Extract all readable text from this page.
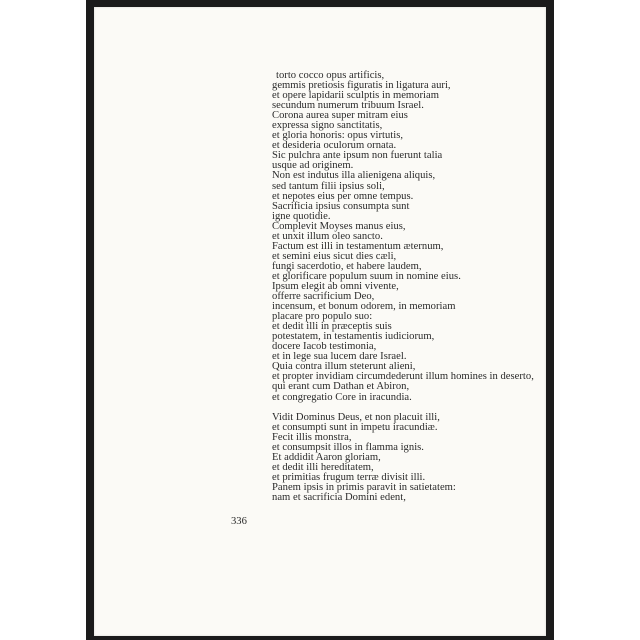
torto cocco opus artificis,
gemmis pretiosis figuratis in ligatura auri,
et opere lapidarii sculptis in memoriam
secundum numerum tribuum Israel.
Corona aurea super mitram eius
expressa signo sanctitatis,
et gloria honoris: opus virtutis,
et desideria oculorum ornata.
Sic pulchra ante ipsum non fuerunt talia
usque ad originem.
Non est indutus illa alienigena aliquis,
sed tantum filii ipsius soli,
et nepotes eius per omne tempus.
Sacrificia ipsius consumpta sunt
igne quotidie.
Complevit Moyses manus eius,
et unxit illum oleo sancto.
Factum est illi in testamentum æternum,
et semini eius sicut dies cæli,
fungi sacerdotio, et habere laudem,
et glorificare populum suum in nomine eius.
Ipsum elegit ab omni vivente,
offerre sacrificium Deo,
incensum, et bonum odorem, in memoriam
placare pro populo suo:
et dedit illi in præceptis suis
potestatem, in testamentis iudiciorum,
docere Iacob testimonia,
et in lege sua lucem dare Israel.
Quia contra illum steterunt alieni,
et propter invidiam circumdederunt illum homines in deserto,
qui erant cum Dathan et Abiron,
et congregatio Core in iracundia.
Vidit Dominus Deus, et non placuit illi,
et consumpti sunt in impetu iracundiæ.
Fecit illis monstra,
et consumpsit illos in flamma ignis.
Et addidit Aaron gloriam,
et dedit illi hereditatem,
et primitias frugum terræ divisit illi.
Panem ipsis in primis paravit in satietatem:
nam et sacrificia Domini edent,
336
